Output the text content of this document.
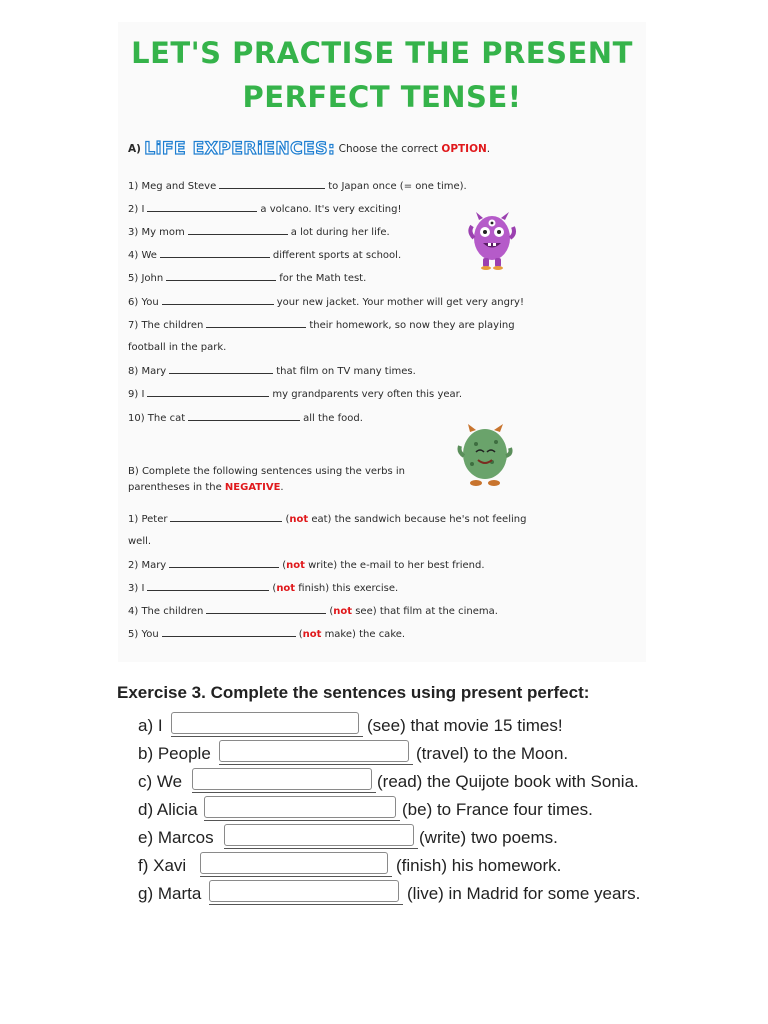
LET'S PRACTISE THE PRESENT
PERFECT TENSE!
A) LiFE EXPERiENCES: Choose the correct OPTION.
1) Meg and Steve	to Japan once (= one time).
2) I	a volcano. It's very exciting!
3) My mom	a lot during her life.
4) We	different sports at school.
5) John	for the Math test.
6) You	your new jacket. Your mother will get very angry!
7) The children	their homework, so now they are playing
football in the park.
8) Mary	that film on TV many times.
9) I	my grandparents very often this year.
10) The cat	all the food.
B) Complete the following sentences using the verbs in
parentheses in the NEGATIVE.
1) Peter	(not eat) the sandwich because he's not feeling
well.
2) Mary	(not write) the e-mail to her best friend.
3) I	(not finish) this exercise.
4) The children	(not see) that film at the cinema.
5) You	(not make) the cake.
Exercise 3. Complete the sentences using present perfect:
a) I	(see) that movie 15 times!
b) People	(travel) to the Moon.
c) We	(read) the Quijote book with Sonia.
d) Alicia	(be) to France four times.
e) Marcos	(write) two poems.
f) Xavi	(finish) his homework.
g) Marta	(live) in Madrid for some years.
